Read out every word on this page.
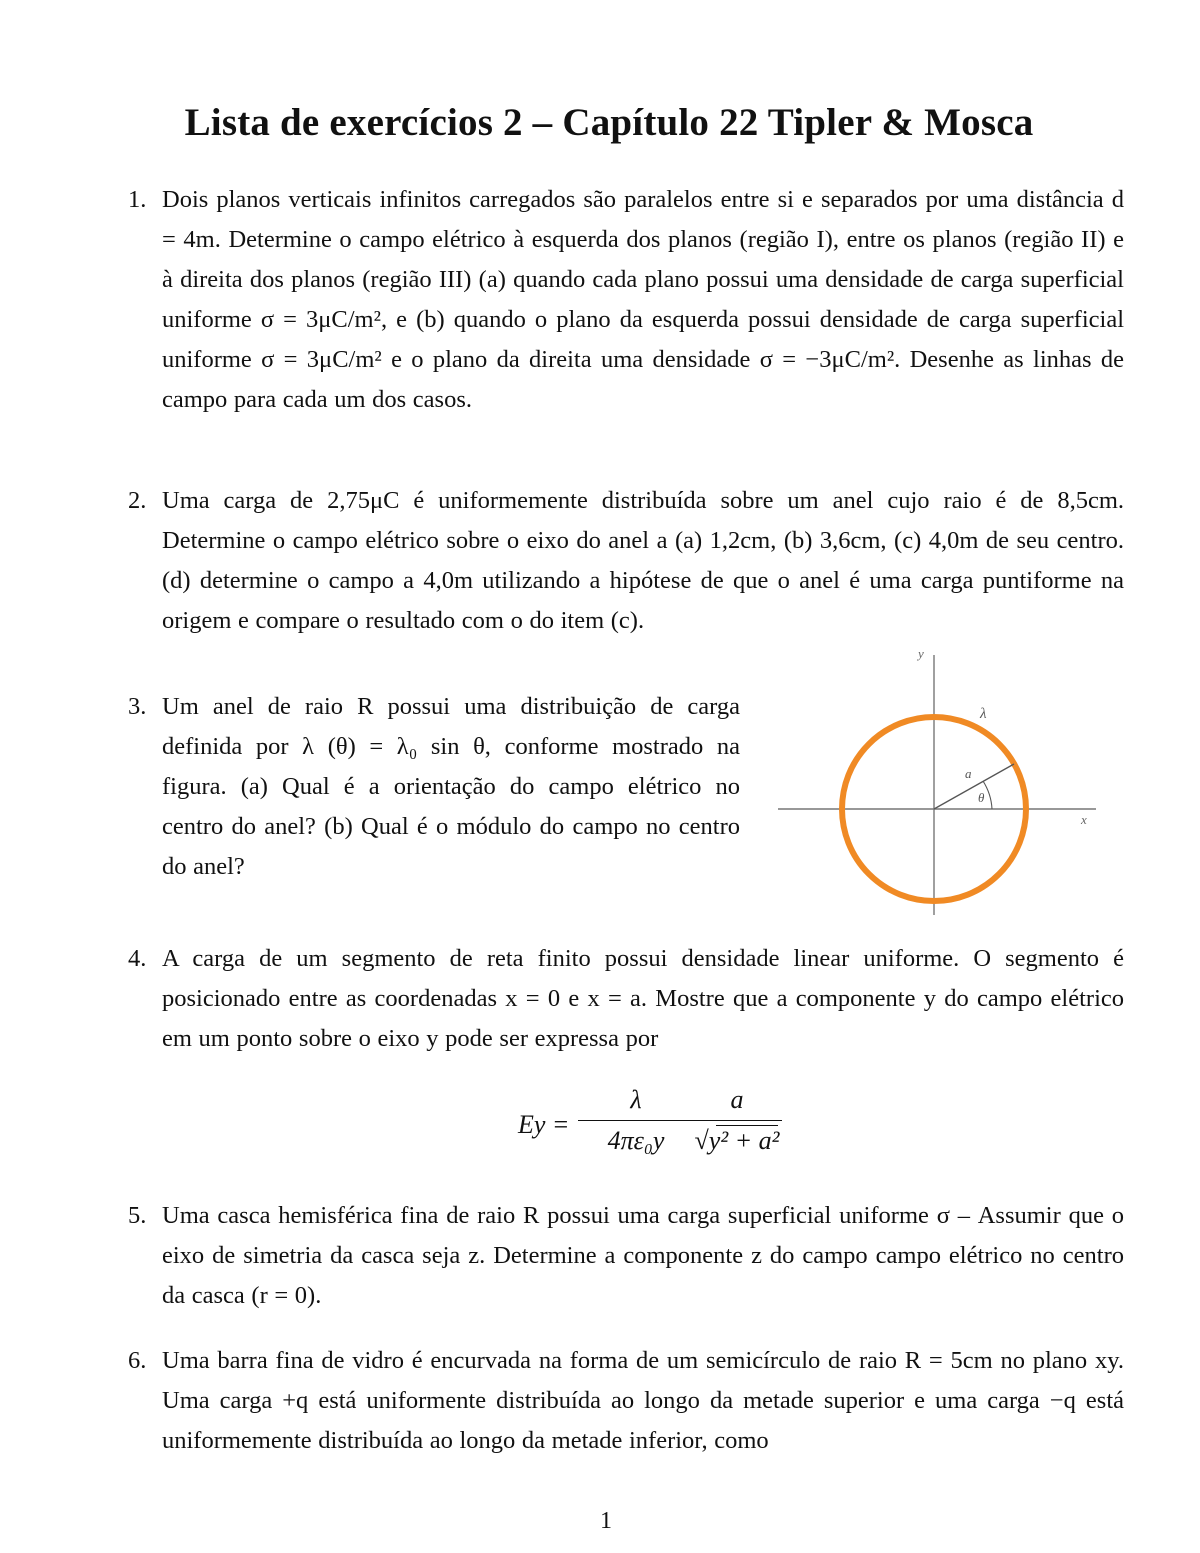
Lista de exercícios 2 – Capítulo 22 Tipler & Mosca
1. Dois planos verticais infinitos carregados são paralelos entre si e separados por uma distância d = 4m. Determine o campo elétrico à esquerda dos planos (região I), entre os planos (região II) e à direita dos planos (região III) (a) quando cada plano possui uma densidade de carga superficial uniforme σ = 3μC/m², e (b) quando o plano da esquerda possui densidade de carga superficial uniforme σ = 3μC/m² e o plano da direita uma densidade σ = −3μC/m². Desenhe as linhas de campo para cada um dos casos.
2. Uma carga de 2,75μC é uniformemente distribuída sobre um anel cujo raio é de 8,5cm. Determine o campo elétrico sobre o eixo do anel a (a) 1,2cm, (b) 3,6cm, (c) 4,0m de seu centro. (d) determine o campo a 4,0m utilizando a hipótese de que o anel é uma carga puntiforme na origem e compare o resultado com o do item (c).
3. Um anel de raio R possui uma distribuição de carga definida por λ (θ) = λ₀ sin θ, conforme mostrado na figura. (a) Qual é a orientação do campo elétrico no centro do anel? (b) Qual é o módulo do campo no centro do anel?
y
x
λ
a
θ
4. A carga de um segmento de reta finito possui densidade linear uniforme. O segmento é posicionado entre as coordenadas x = 0 e x = a. Mostre que a componente y do campo elétrico em um ponto sobre o eixo y pode ser expressa por
Ey =
λ
4πε₀y
a
√y² + a²
5. Uma casca hemisférica fina de raio R possui uma carga superficial uniforme σ – Assumir que o eixo de simetria da casca seja z. Determine a componente z do campo campo elétrico no centro da casca (r = 0).
6. Uma barra fina de vidro é encurvada na forma de um semicírculo de raio R = 5cm no plano xy. Uma carga +q está uniformente distribuída ao longo da metade superior e uma carga −q está uniformemente distribuída ao longo da metade inferior, como
1
